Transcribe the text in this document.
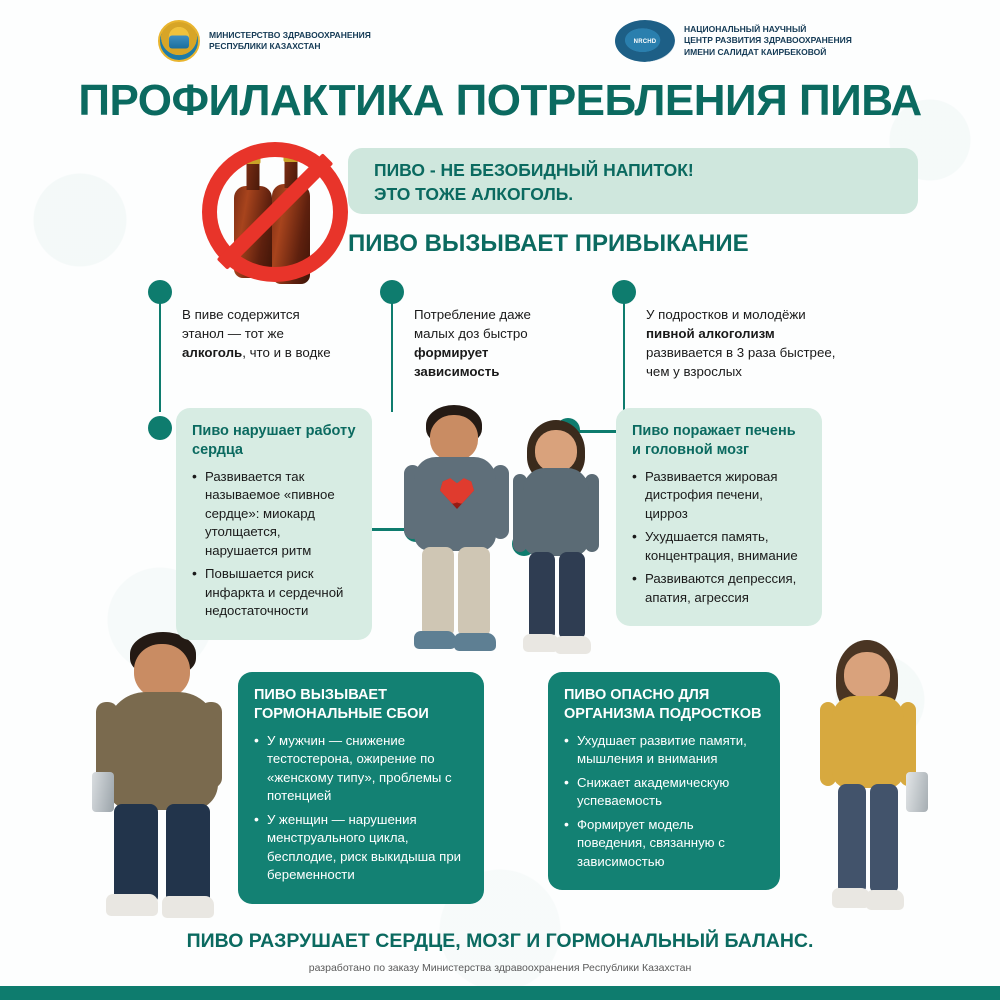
МИНИСТЕРСТВО ЗДРАВООХРАНЕНИЯ
РЕСПУБЛИКИ КАЗАХСТАН	NRCHD
НАЦИОНАЛЬНЫЙ НАУЧНЫЙ
ЦЕНТР РАЗВИТИЯ ЗДРАВООХРАНЕНИЯ
ИМЕНИ САЛИДАТ КАИРБЕКОВОЙ
ПРОФИЛАКТИКА ПОТРЕБЛЕНИЯ ПИВА
ПИВО - НЕ БЕЗОБИДНЫЙ НАПИТОК!
ЭТО ТОЖЕ АЛКОГОЛЬ.
ПИВО ВЫЗЫВАЕТ ПРИВЫКАНИЕ
В пиве содержится этанол — тот же алкоголь, что и в водке
Потребление даже малых доз быстро формирует зависимость
У подростков и молодёжи пивной алкоголизм развивается в 3 раза быстрее, чем у взрослых
Пиво нарушает работу сердца
• Развивается так называемое «пивное сердце»: миокард утолщается, нарушается ритм
• Повышается риск инфаркта и сердечной недостаточности
Пиво поражает печень и головной мозг
• Развивается жировая дистрофия печени, цирроз
• Ухудшается память, концентрация, внимание
• Развиваются депрессия, апатия, агрессия
ПИВО ВЫЗЫВАЕТ ГОРМОНАЛЬНЫЕ СБОИ
• У мужчин — снижение тестостерона, ожирение по «женскому типу», проблемы с потенцией
• У женщин — нарушения менструального цикла, бесплодие, риск выкидыша при беременности
ПИВО ОПАСНО ДЛЯ ОРГАНИЗМА ПОДРОСТКОВ
• Ухудшает развитие памяти, мышления и внимания
• Снижает академическую успеваемость
• Формирует модель поведения, связанную с зависимостью
ПИВО РАЗРУШАЕТ СЕРДЦЕ, МОЗГ И ГОРМОНАЛЬНЫЙ БАЛАНС.
разработано по заказу Министерства здравоохранения Республики Казахстан
